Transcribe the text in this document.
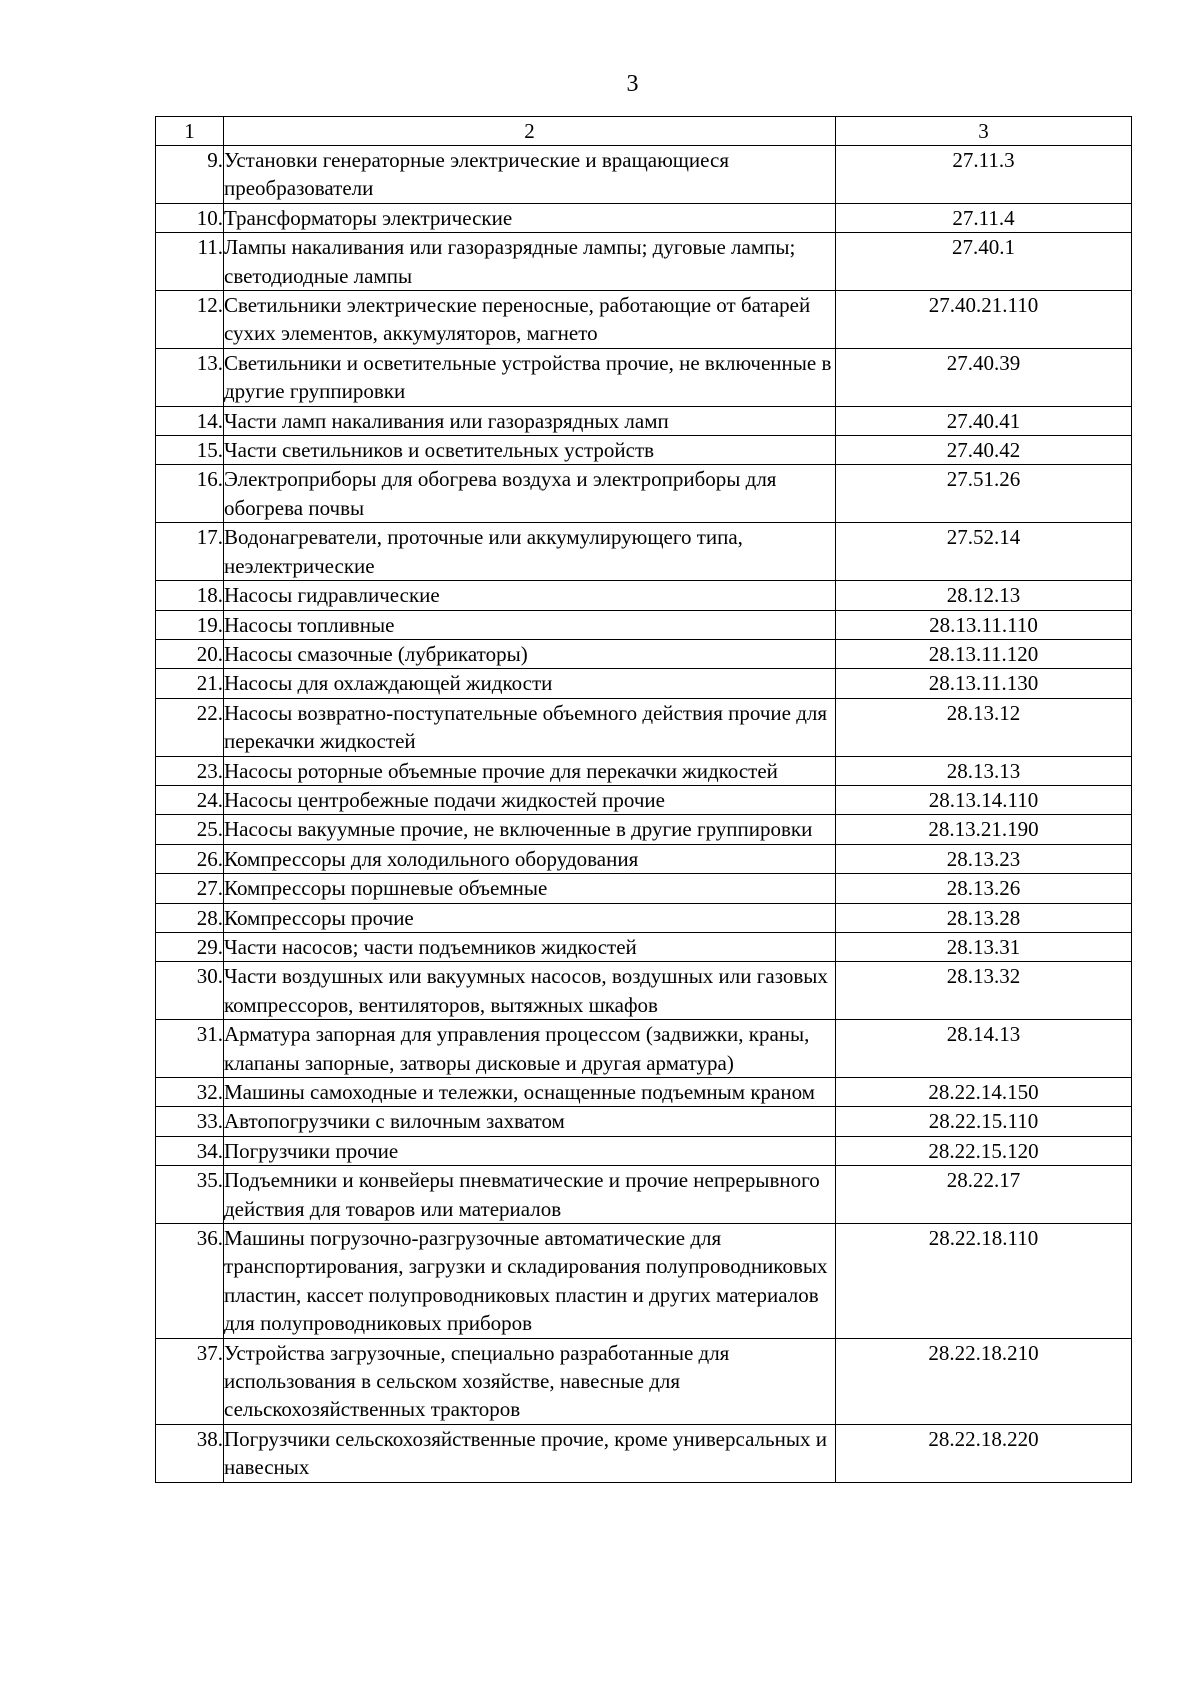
3
1	2	3
9.	Установки генераторные электрические и вращающиеся преобразователи	27.11.3
10.	Трансформаторы электрические	27.11.4
11.	Лампы накаливания или газоразрядные лампы; дуговые лампы; светодиодные лампы	27.40.1
12.	Светильники электрические переносные, работающие от батарей сухих элементов, аккумуляторов, магнето	27.40.21.110
13.	Светильники и осветительные устройства прочие, не включенные в другие группировки	27.40.39
14.	Части ламп накаливания или газоразрядных ламп	27.40.41
15.	Части светильников и осветительных устройств	27.40.42
16.	Электроприборы для обогрева воздуха и электроприборы для обогрева почвы	27.51.26
17.	Водонагреватели, проточные или аккумулирующего типа, неэлектрические	27.52.14
18.	Насосы гидравлические	28.12.13
19.	Насосы топливные	28.13.11.110
20.	Насосы смазочные (лубрикаторы)	28.13.11.120
21.	Насосы для охлаждающей жидкости	28.13.11.130
22.	Насосы возвратно-поступательные объемного действия прочие для перекачки жидкостей	28.13.12
23.	Насосы роторные объемные прочие для перекачки жидкостей	28.13.13
24.	Насосы центробежные подачи жидкостей прочие	28.13.14.110
25.	Насосы вакуумные прочие, не включенные в другие группировки	28.13.21.190
26.	Компрессоры для холодильного оборудования	28.13.23
27.	Компрессоры поршневые объемные	28.13.26
28.	Компрессоры прочие	28.13.28
29.	Части насосов; части подъемников жидкостей	28.13.31
30.	Части воздушных или вакуумных насосов, воздушных или газовых компрессоров, вентиляторов, вытяжных шкафов	28.13.32
31.	Арматура запорная для управления процессом (задвижки, краны, клапаны запорные, затворы дисковые и другая арматура)	28.14.13
32.	Машины самоходные и тележки, оснащенные подъемным краном	28.22.14.150
33.	Автопогрузчики с вилочным захватом	28.22.15.110
34.	Погрузчики прочие	28.22.15.120
35.	Подъемники и конвейеры пневматические и прочие непрерывного действия для товаров или материалов	28.22.17
36.	Машины погрузочно-разгрузочные автоматические для транспортирования, загрузки и складирования полупроводниковых пластин, кассет полупроводниковых пластин и других материалов для полупроводниковых приборов	28.22.18.110
37.	Устройства загрузочные, специально разработанные для использования в сельском хозяйстве, навесные для сельскохозяйственных тракторов	28.22.18.210
38.	Погрузчики сельскохозяйственные прочие, кроме универсальных и навесных	28.22.18.220
